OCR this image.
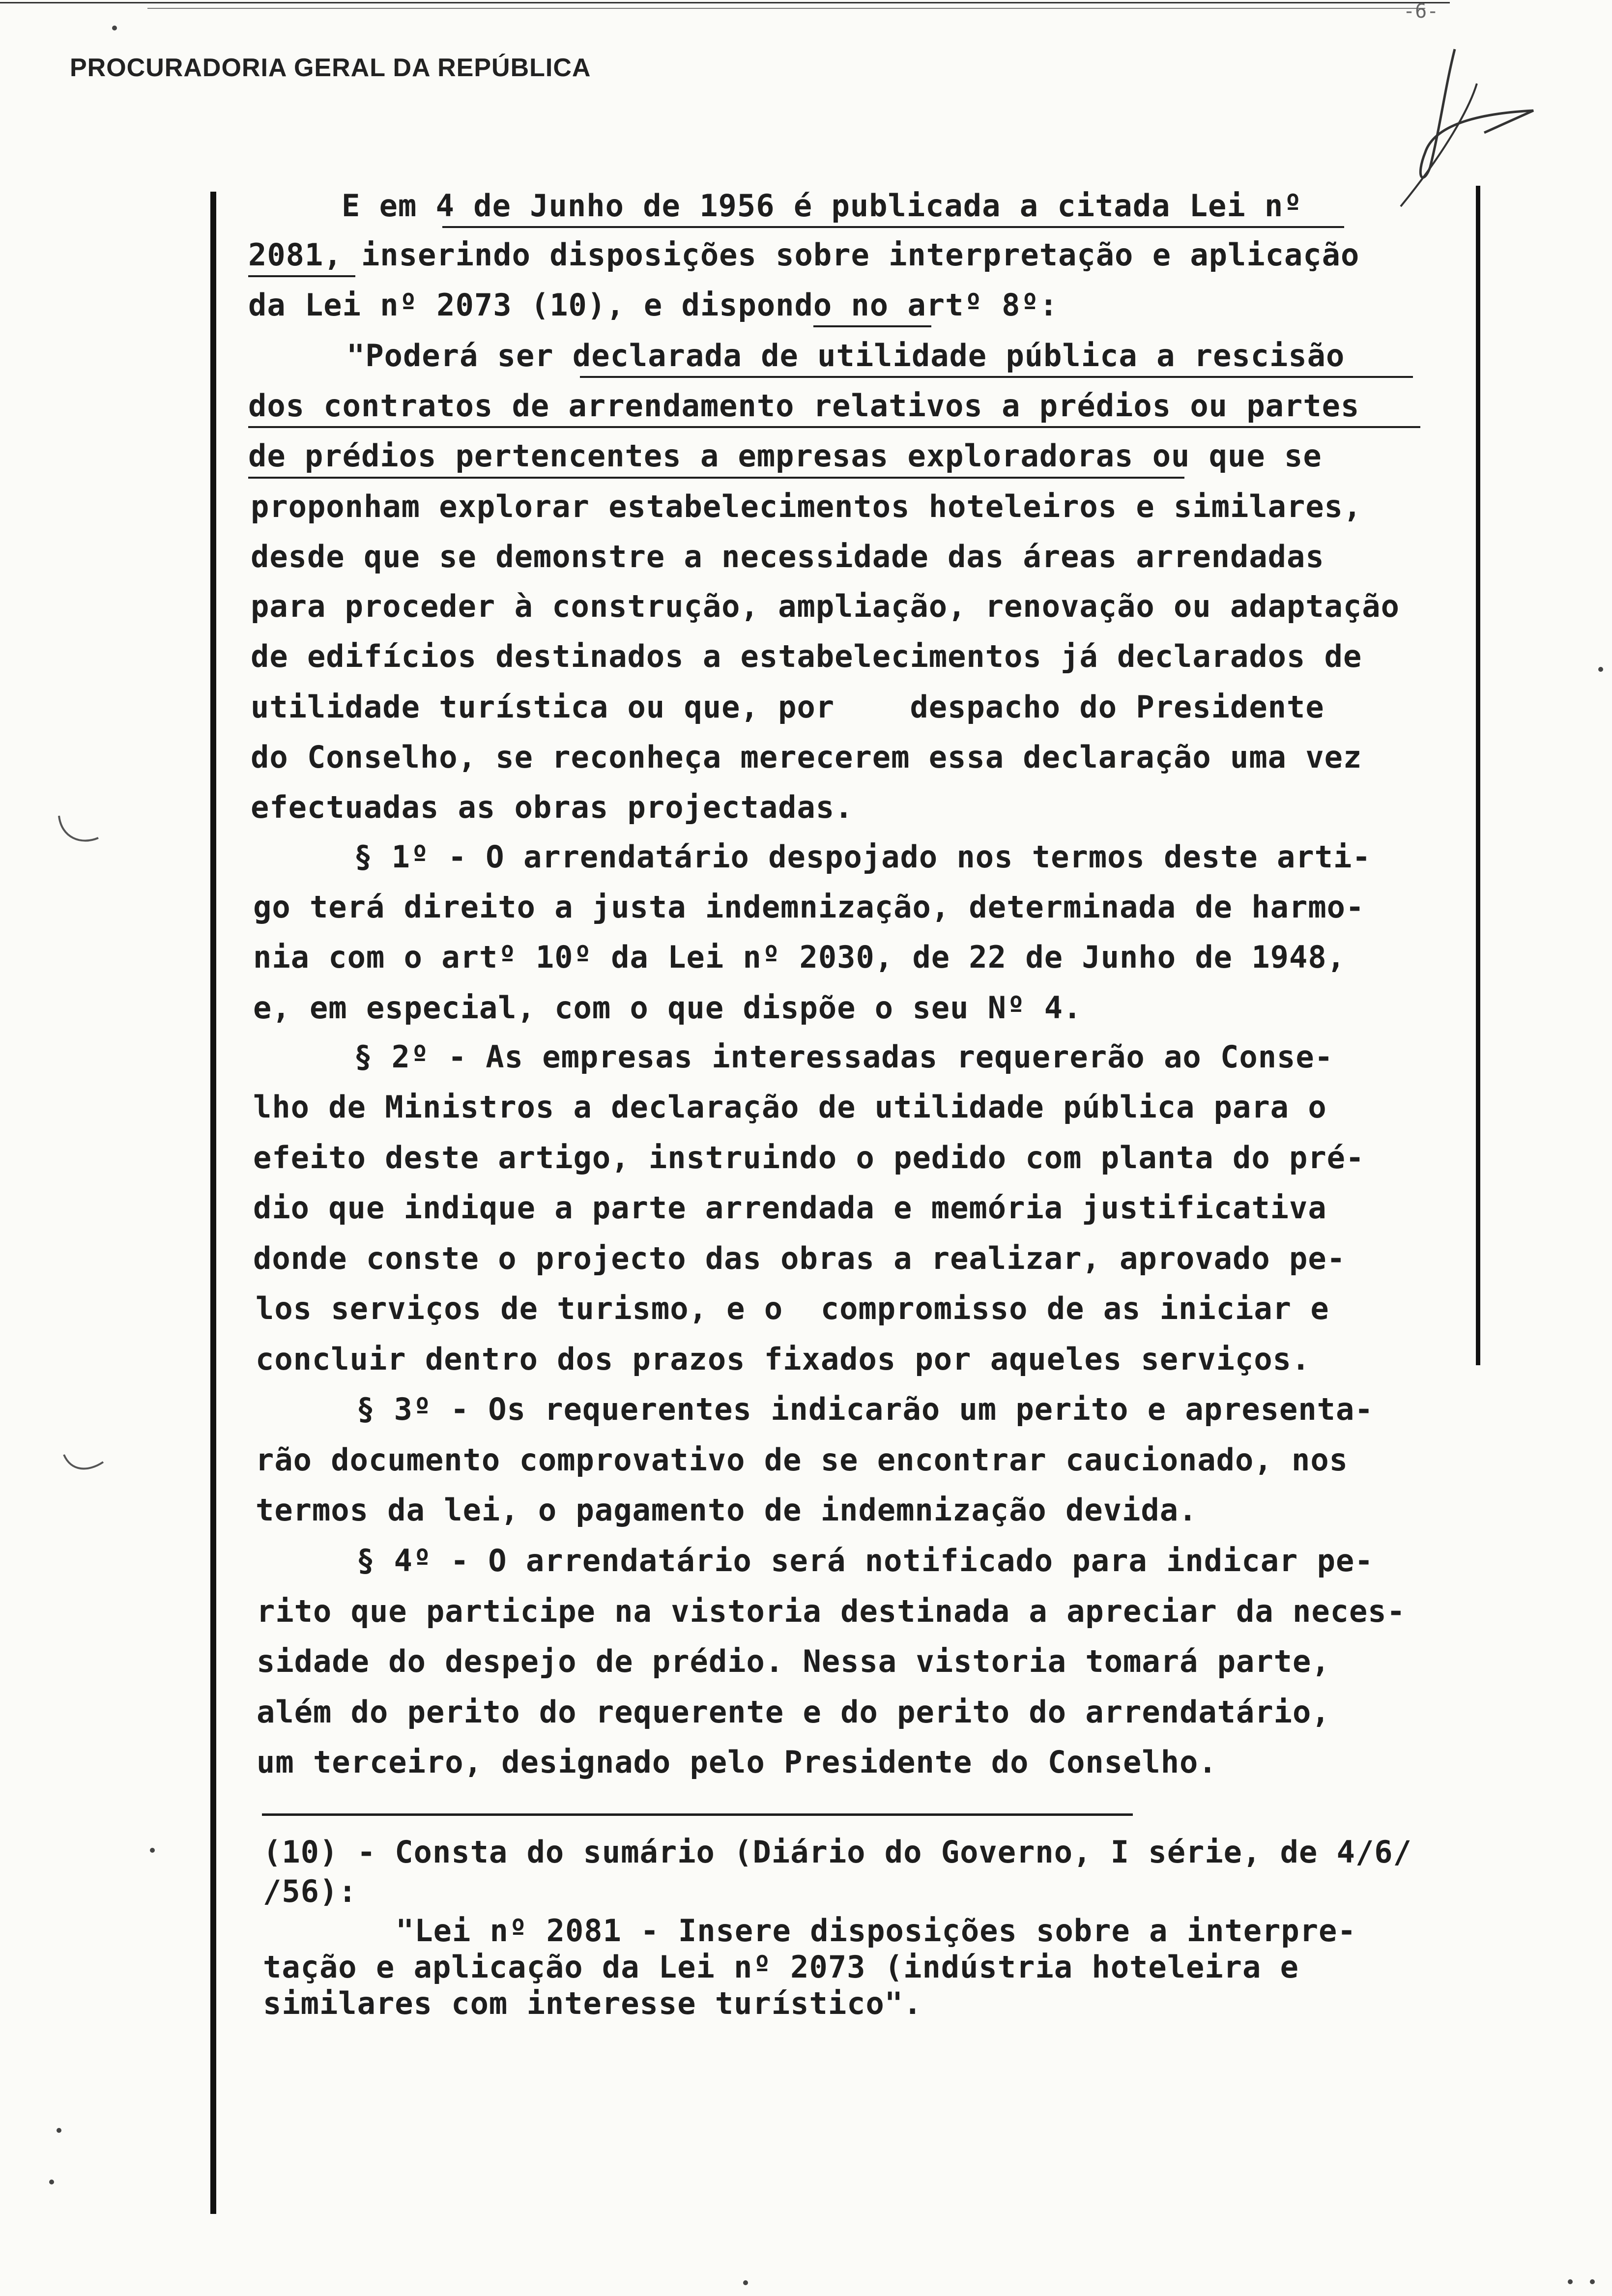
-6-
PROCURADORIA GERAL DA REPÚBLICA
E em 4 de Junho de 1956 é publicada a citada Lei nº
2081, inserindo disposições sobre interpretação e aplicação
da Lei nº 2073 (10), e dispondo no artº 8º:
"Poderá ser declarada de utilidade pública a rescisão
dos contratos de arrendamento relativos a prédios ou partes
de prédios pertencentes a empresas exploradoras ou que se
proponham explorar estabelecimentos hoteleiros e similares,
desde que se demonstre a necessidade das áreas arrendadas
para proceder à construção, ampliação, renovação ou adaptação
de edifícios destinados a estabelecimentos já declarados de
utilidade turística ou que, por    despacho do Presidente
do Conselho, se reconheça merecerem essa declaração uma vez
efectuadas as obras projectadas.
§ 1º - O arrendatário despojado nos termos deste arti-
go terá direito a justa indemnização, determinada de harmo-
nia com o artº 10º da Lei nº 2030, de 22 de Junho de 1948,
e, em especial, com o que dispõe o seu Nº 4.
§ 2º - As empresas interessadas requererão ao Conse-
lho de Ministros a declaração de utilidade pública para o
efeito deste artigo, instruindo o pedido com planta do pré-
dio que indique a parte arrendada e memória justificativa
donde conste o projecto das obras a realizar, aprovado pe-
los serviços de turismo, e o  compromisso de as iniciar e
concluir dentro dos prazos fixados por aqueles serviços.
§ 3º - Os requerentes indicarão um perito e apresenta-
rão documento comprovativo de se encontrar caucionado, nos
termos da lei, o pagamento de indemnização devida.
§ 4º - O arrendatário será notificado para indicar pe-
rito que participe na vistoria destinada a apreciar da neces-
sidade do despejo de prédio. Nessa vistoria tomará parte,
além do perito do requerente e do perito do arrendatário,
um terceiro, designado pelo Presidente do Conselho.
(10) - Consta do sumário (Diário do Governo, I série, de 4/6/
/56):
"Lei nº 2081 - Insere disposições sobre a interpre-
tação e aplicação da Lei nº 2073 (indústria hoteleira e
similares com interesse turístico".
